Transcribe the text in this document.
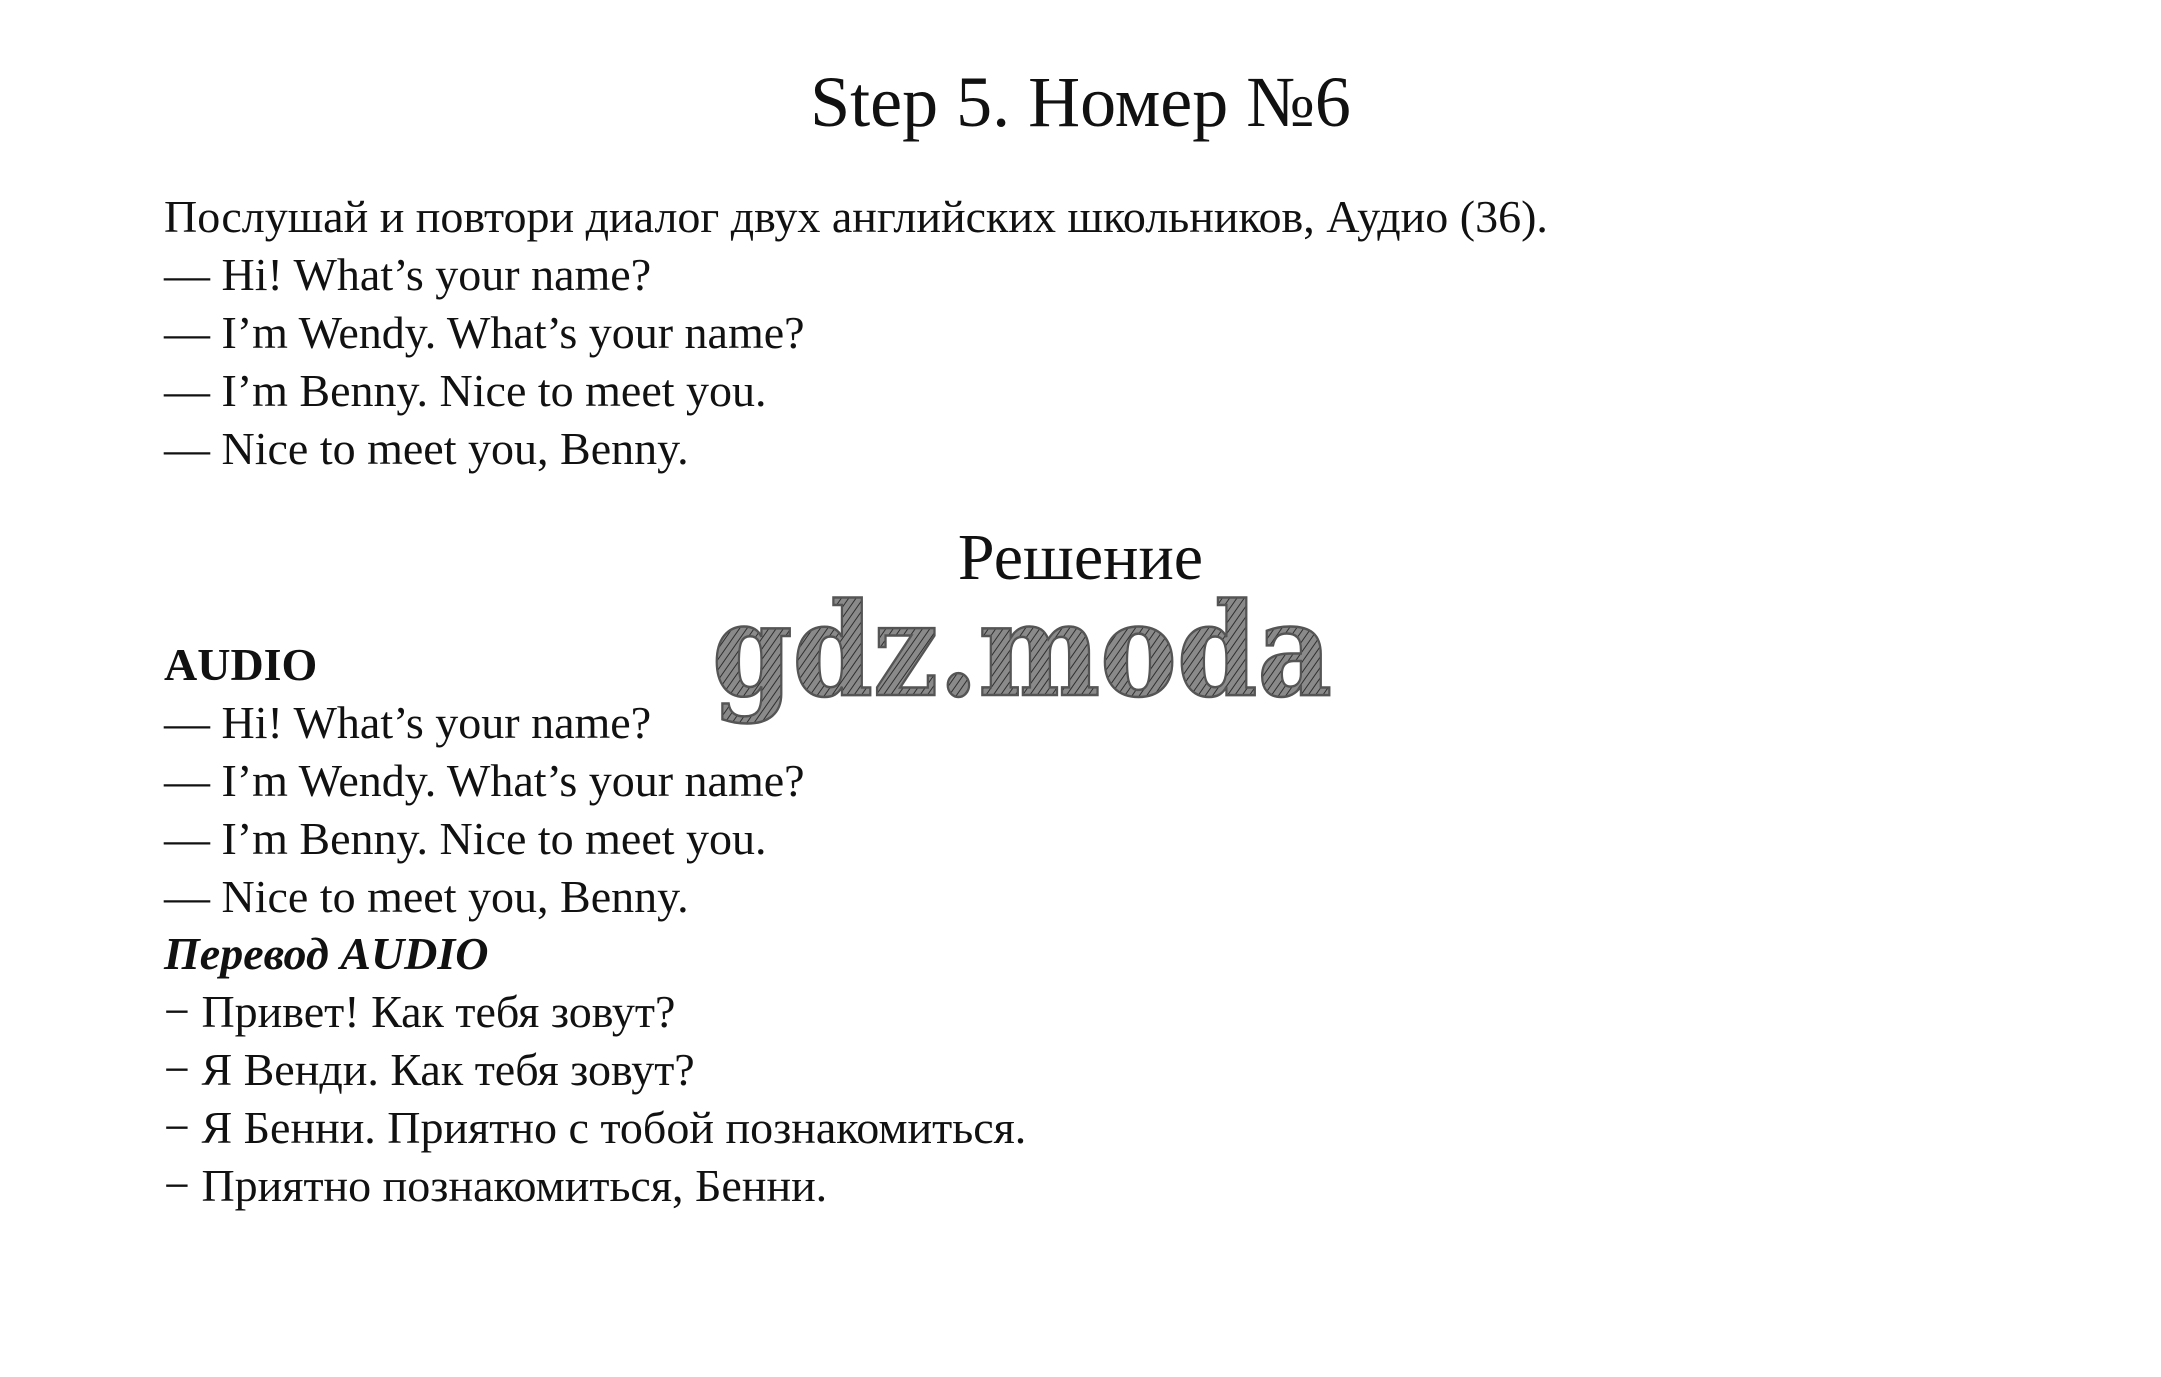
Step 5. Номер №6
Послушай и повтори диалог двух английских школьников, Аудио (36).
— Hi! What’s your name?
— I’m Wendy. What’s your name?
— I’m Benny. Nice to meet you.
— Nice to meet you, Benny.
Решение
AUDIO
— Hi! What’s your name?
— I’m Wendy. What’s your name?
— I’m Benny. Nice to meet you.
— Nice to meet you, Benny.
Перевод AUDIO
− Привет! Как тебя зовут?
− Я Венди. Как тебя зовут?
− Я Бенни. Приятно с тобой познакомиться.
− Приятно познакомиться, Бенни.
gdz.moda
